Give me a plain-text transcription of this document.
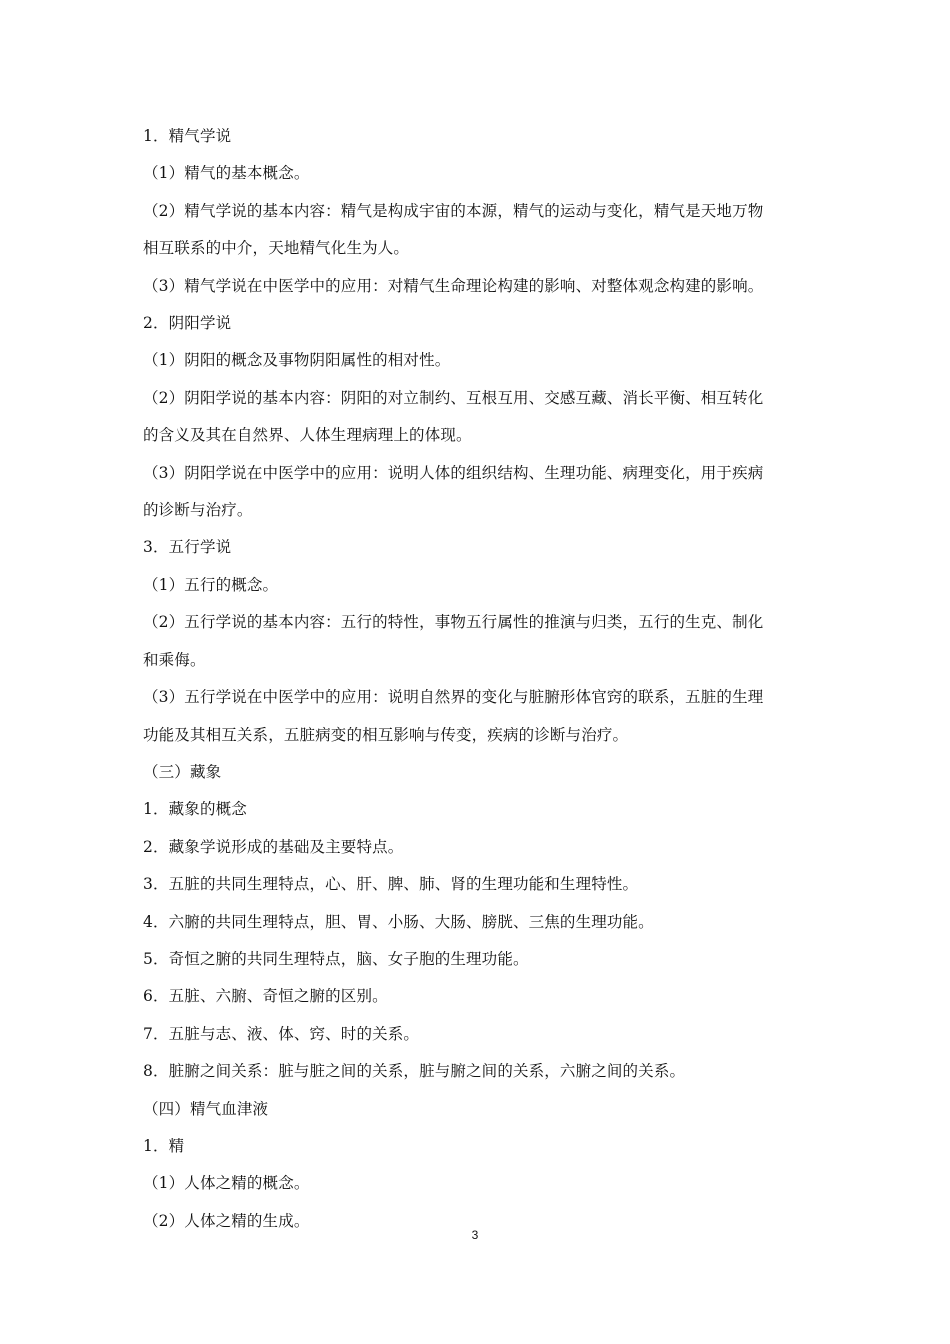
1．精气学说
（1）精气的基本概念。
（2）精气学说的基本内容：精气是构成宇宙的本源，精气的运动与变化，精气是天地万物
相互联系的中介，天地精气化生为人。
（3）精气学说在中医学中的应用：对精气生命理论构建的影响、对整体观念构建的影响。
2．阴阳学说
（1）阴阳的概念及事物阴阳属性的相对性。
（2）阴阳学说的基本内容：阴阳的对立制约、互根互用、交感互藏、消长平衡、相互转化
的含义及其在自然界、人体生理病理上的体现。
（3）阴阳学说在中医学中的应用：说明人体的组织结构、生理功能、病理变化，用于疾病
的诊断与治疗。
3．五行学说
（1）五行的概念。
（2）五行学说的基本内容：五行的特性，事物五行属性的推演与归类，五行的生克、制化
和乘侮。
（3）五行学说在中医学中的应用：说明自然界的变化与脏腑形体官窍的联系，五脏的生理
功能及其相互关系，五脏病变的相互影响与传变，疾病的诊断与治疗。
（三）藏象
1．藏象的概念
2．藏象学说形成的基础及主要特点。
3．五脏的共同生理特点，心、肝、脾、肺、肾的生理功能和生理特性。
4．六腑的共同生理特点，胆、胃、小肠、大肠、膀胱、三焦的生理功能。
5．奇恒之腑的共同生理特点，脑、女子胞的生理功能。
6．五脏、六腑、奇恒之腑的区别。
7．五脏与志、液、体、窍、时的关系。
8．脏腑之间关系：脏与脏之间的关系，脏与腑之间的关系，六腑之间的关系。
（四）精气血津液
1．精
（1）人体之精的概念。
（2）人体之精的生成。
3
